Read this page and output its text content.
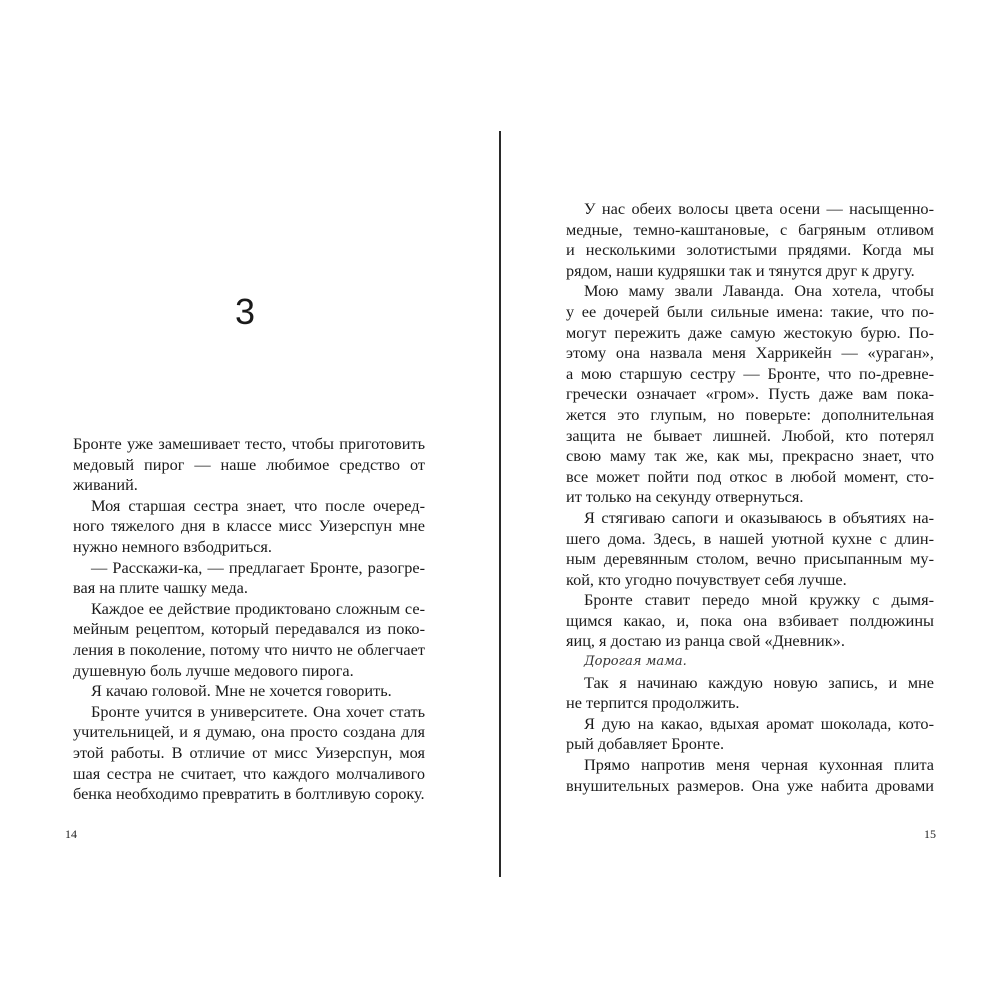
3
Бронте уже замешивает тесто, чтобы приготовить
медовый пирог — наше любимое средство от
живаний.
Моя старшая сестра знает, что после очеред-
ного тяжелого дня в классе мисс Уизерспун мне
нужно немного взбодриться.
— Расскажи-ка, — предлагает Бронте, разогре-
вая на плите чашку меда.
Каждое ее действие продиктовано сложным се-
мейным рецептом, который передавался из поко-
ления в поколение, потому что ничто не облегчает
душевную боль лучше медового пирога.
Я качаю головой. Мне не хочется говорить.
Бронте учится в университете. Она хочет стать
учительницей, и я думаю, она просто создана для
этой работы. В отличие от мисс Уизерспун, моя
шая сестра не считает, что каждого молчаливого
бенка необходимо превратить в болтливую сороку.
14
У нас обеих волосы цвета осени — насыщенно-
медные, темно-каштановые, с багряным отливом
и несколькими золотистыми прядями. Когда мы
рядом, наши кудряшки так и тянутся друг к другу.
Мою маму звали Лаванда. Она хотела, чтобы
у ее дочерей были сильные имена: такие, что по-
могут пережить даже самую жестокую бурю. По-
этому она назвала меня Харрикейн — «ураган»,
а мою старшую сестру — Бронте, что по-древне-
гречески означает «гром». Пусть даже вам пока-
жется это глупым, но поверьте: дополнительная
защита не бывает лишней. Любой, кто потерял
свою маму так же, как мы, прекрасно знает, что
все может пойти под откос в любой момент, сто-
ит только на секунду отвернуться.
Я стягиваю сапоги и оказываюсь в объятиях на-
шего дома. Здесь, в нашей уютной кухне с длин-
ным деревянным столом, вечно присыпанным му-
кой, кто угодно почувствует себя лучше.
Бронте ставит передо мной кружку с дымя-
щимся какао, и, пока она взбивает полдюжины
яиц, я достаю из ранца свой «Дневник».
Дорогая мама.
Так я начинаю каждую новую запись, и мне
не терпится продолжить.
Я дую на какао, вдыхая аромат шоколада, кото-
рый добавляет Бронте.
Прямо напротив меня черная кухонная плита
внушительных размеров. Она уже набита дровами
15
